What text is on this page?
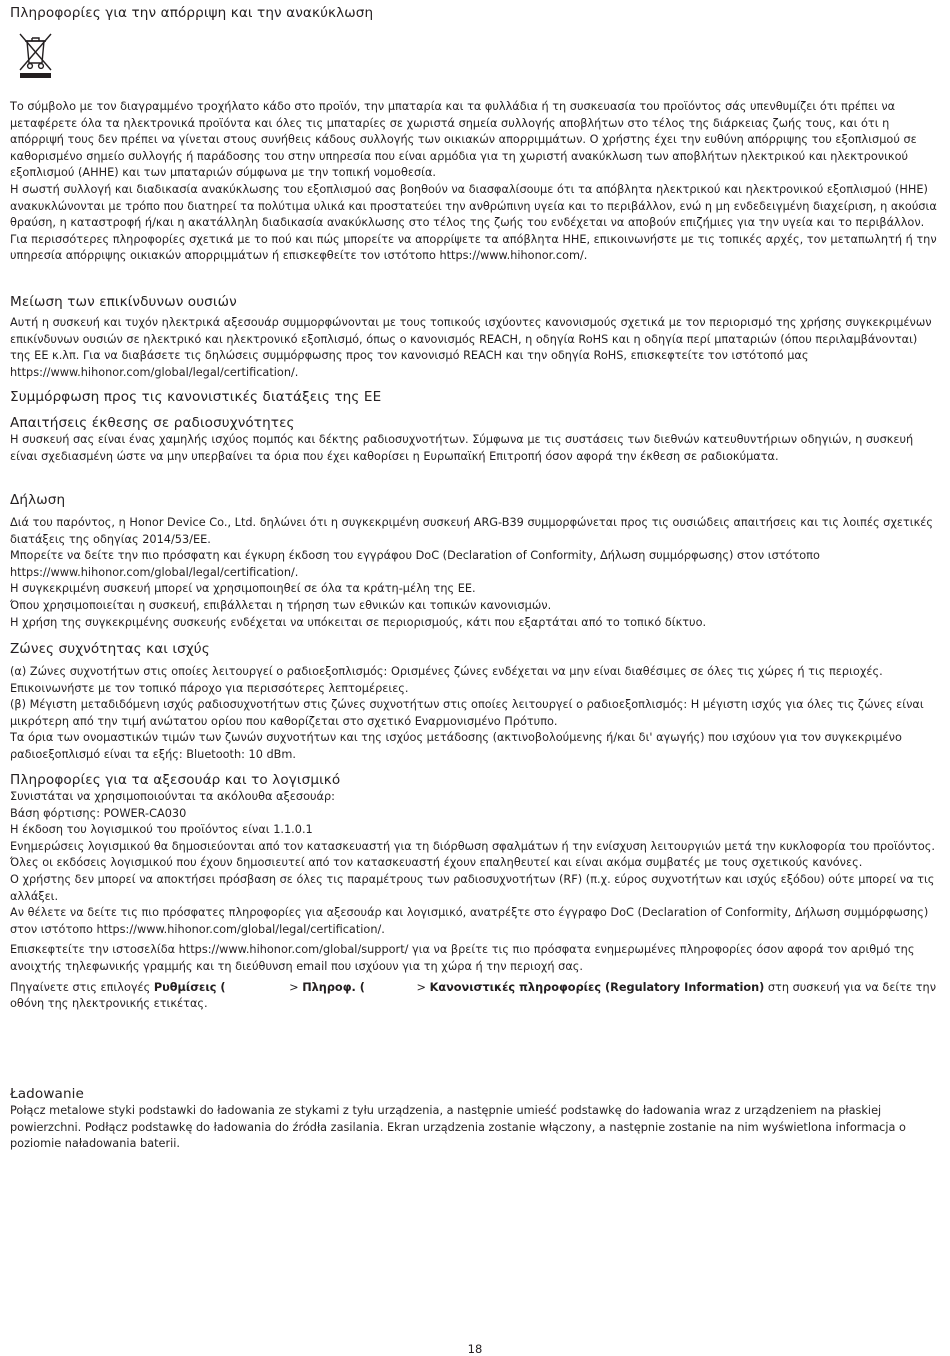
Πληροφορίες για την απόρριψη και την ανακύκλωση

Το σύμβολο με τον διαγραμμένο τροχήλατο κάδο στο προϊόν, την μπαταρία και τα φυλλάδια ή τη συσκευασία του προϊόντος σάς υπενθυμίζει ότι πρέπει να μεταφέρετε όλα τα ηλεκτρονικά προϊόντα και όλες τις μπαταρίες σε χωριστά σημεία συλλογής αποβλήτων στο τέλος της διάρκειας ζωής τους, και ότι η απόρριψή τους δεν πρέπει να γίνεται στους συνήθεις κάδους συλλογής των οικιακών απορριμμάτων. Ο χρήστης έχει την ευθύνη απόρριψης του εξοπλισμού σε καθορισμένο σημείο συλλογής ή παράδοσης του στην υπηρεσία που είναι αρμόδια για τη χωριστή ανακύκλωση των αποβλήτων ηλεκτρικού και ηλεκτρονικού εξοπλισμού (ΑΗΗΕ) και των μπαταριών σύμφωνα με την τοπική νομοθεσία.

Η σωστή συλλογή και διαδικασία ανακύκλωσης του εξοπλισμού σας βοηθούν να διασφαλίσουμε ότι τα απόβλητα ηλεκτρικού και ηλεκτρονικού εξοπλισμού (ΗΗΕ) ανακυκλώνονται με τρόπο που διατηρεί τα πολύτιμα υλικά και προστατεύει την ανθρώπινη υγεία και το περιβάλλον, ενώ η μη ενδεδειγμένη διαχείριση, η ακούσια θραύση, η καταστροφή ή/και η ακατάλληλη διαδικασία ανακύκλωσης στο τέλος της ζωής του ενδέχεται να αποβούν επιζήμιες για την υγεία και το περιβάλλον. Για περισσότερες πληροφορίες σχετικά με το πού και πώς μπορείτε να απορρίψετε τα απόβλητα ΗΗΕ, επικοινωνήστε με τις τοπικές αρχές, τον μεταπωλητή ή την υπηρεσία απόρριψης οικιακών απορριμμάτων ή επισκεφθείτε τον ιστότοπο https://www.hihonor.com/.

Μείωση των επικίνδυνων ουσιών

Αυτή η συσκευή και τυχόν ηλεκτρικά αξεσουάρ συμμορφώνονται με τους τοπικούς ισχύοντες κανονισμούς σχετικά με τον περιορισμό της χρήσης συγκεκριμένων επικίνδυνων ουσιών σε ηλεκτρικό και ηλεκτρονικό εξοπλισμό, όπως ο κανονισμός REACH, η οδηγία RoHS και η οδηγία περί μπαταριών (όπου περιλαμβάνονται) της ΕΕ κ.λπ. Για να διαβάσετε τις δηλώσεις συμμόρφωσης προς τον κανονισμό REACH και την οδηγία RoHS, επισκεφτείτε τον ιστότοπό μας https://www.hihonor.com/global/legal/certification/.

Συμμόρφωση προς τις κανονιστικές διατάξεις της ΕΕ
Απαιτήσεις έκθεσης σε ραδιοσυχνότητες

Η συσκευή σας είναι ένας χαμηλής ισχύος πομπός και δέκτης ραδιοσυχνοτήτων. Σύμφωνα με τις συστάσεις των διεθνών κατευθυντήριων οδηγιών, η συσκευή είναι σχεδιασμένη ώστε να μην υπερβαίνει τα όρια που έχει καθορίσει η Ευρωπαϊκή Επιτροπή όσον αφορά την έκθεση σε ραδιοκύματα.

Δήλωση

Διά του παρόντος, η Honor Device Co., Ltd. δηλώνει ότι η συγκεκριμένη συσκευή ARG-B39 συμμορφώνεται προς τις ουσιώδεις απαιτήσεις και τις λοιπές σχετικές διατάξεις της οδηγίας 2014/53/ΕΕ.

Μπορείτε να δείτε την πιο πρόσφατη και έγκυρη έκδοση του εγγράφου DoC (Declaration of Conformity, Δήλωση συμμόρφωσης) στον ιστότοπο https://www.hihonor.com/global/legal/certification/.

Η συγκεκριμένη συσκευή μπορεί να χρησιμοποιηθεί σε όλα τα κράτη-μέλη της ΕΕ.

Όπου χρησιμοποιείται η συσκευή, επιβάλλεται η τήρηση των εθνικών και τοπικών κανονισμών.

Η χρήση της συγκεκριμένης συσκευής ενδέχεται να υπόκειται σε περιορισμούς, κάτι που εξαρτάται από το τοπικό δίκτυο.

Ζώνες συχνότητας και ισχύς

(α) Ζώνες συχνοτήτων στις οποίες λειτουργεί ο ραδιοεξοπλισμός: Ορισμένες ζώνες ενδέχεται να μην είναι διαθέσιμες σε όλες τις χώρες ή τις περιοχές. Επικοινωνήστε με τον τοπικό πάροχο για περισσότερες λεπτομέρειες.

(β) Μέγιστη μεταδιδόμενη ισχύς ραδιοσυχνοτήτων στις ζώνες συχνοτήτων στις οποίες λειτουργεί ο ραδιοεξοπλισμός: Η μέγιστη ισχύς για όλες τις ζώνες είναι μικρότερη από την τιμή ανώτατου ορίου που καθορίζεται στο σχετικό Εναρμονισμένο Πρότυπο.

Τα όρια των ονομαστικών τιμών των ζωνών συχνοτήτων και της ισχύος μετάδοσης (ακτινοβολούμενης ή/και δι' αγωγής) που ισχύουν για τον συγκεκριμένο ραδιοεξοπλισμό είναι τα εξής: Bluetooth: 10 dBm.

Πληροφορίες για τα αξεσουάρ και το λογισμικό

Συνιστάται να χρησιμοποιούνται τα ακόλουθα αξεσουάρ:

Βάση φόρτισης: POWER-CA030

Η έκδοση του λογισμικού του προϊόντος είναι 1.1.0.1

Ενημερώσεις λογισμικού θα δημοσιεύονται από τον κατασκευαστή για τη διόρθωση σφαλμάτων ή την ενίσχυση λειτουργιών μετά την κυκλοφορία του προϊόντος. Όλες οι εκδόσεις λογισμικού που έχουν δημοσιευτεί από τον κατασκευαστή έχουν επαληθευτεί και είναι ακόμα συμβατές με τους σχετικούς κανόνες.

Ο χρήστης δεν μπορεί να αποκτήσει πρόσβαση σε όλες τις παραμέτρους των ραδιοσυχνοτήτων (RF) (π.χ. εύρος συχνοτήτων και ισχύς εξόδου) ούτε μπορεί να τις αλλάξει.

Αν θέλετε να δείτε τις πιο πρόσφατες πληροφορίες για αξεσουάρ και λογισμικό, ανατρέξτε στο έγγραφο DoC (Declaration of Conformity, Δήλωση συμμόρφωσης) στον ιστότοπο https://www.hihonor.com/global/legal/certification/.

Επισκεφτείτε την ιστοσελίδα https://www.hihonor.com/global/support/ για να βρείτε τις πιο πρόσφατα ενημερωμένες πληροφορίες όσον αφορά τον αριθμό της ανοιχτής τηλεφωνικής γραμμής και τη διεύθυνση email που ισχύουν για τη χώρα ή την περιοχή σας.

Πηγαίνετε στις επιλογές Ρυθμίσεις (	> Πληροφ. (	> Κανονιστικές πληροφορίες (Regulatory Information) στη συσκευή για να δείτε την οθόνη της ηλεκτρονικής ετικέτας.

Ładowanie

Połącz metalowe styki podstawki do ładowania ze stykami z tyłu urządzenia, a następnie umieść podstawkę do ładowania wraz z urządzeniem na płaskiej powierzchni. Podłącz podstawkę do ładowania do źródła zasilania. Ekran urządzenia zostanie włączony, a następnie zostanie na nim wyświetlona informacja o poziomie naładowania baterii.

18
